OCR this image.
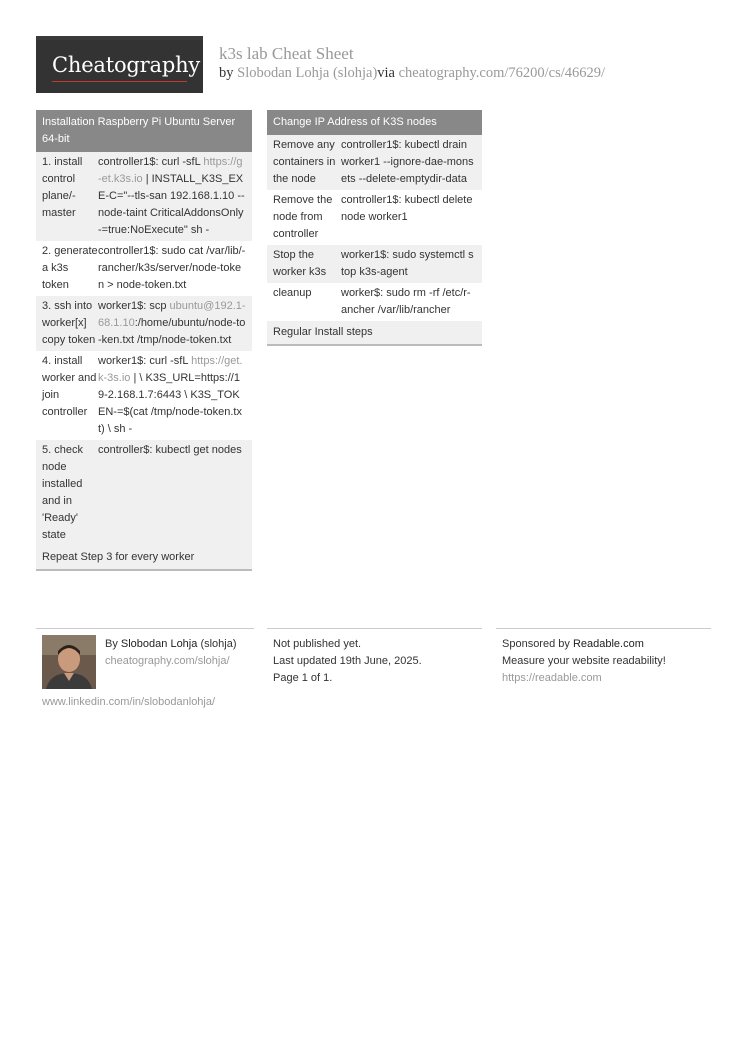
Cheatography k3s lab Cheat Sheet
by Slobodan Lohja (slohja)via cheatography.com/76200/cs/46629/
Installation Raspberry Pi Ubuntu Server 64-bit
1. install control plane/-master
controller1$: curl -sfL https://g-et.k3s.io | INSTALL_K3S_EXE-C="--tls-san 192.168.1.10 --node-taint CriticalAddonsOnly-=true:NoExecute" sh -
2. generate a k3s token
controller1$: sudo cat /var/lib/-rancher/k3s/server/node-token > node-token.txt
3. ssh into worker[x] copy token
worker1$: scp ubuntu@192.1-68.1.10:/home/ubuntu/node-to-ken.txt /tmp/node-token.txt
4. install worker and join controller
worker1$: curl -sfL https://get.k-3s.io | \ K3S_URL=https://19-2.168.1.7:6443 \ K3S_TOKEN-=$(cat /tmp/node-token.txt) \ sh -
5. check node installed and in 'Ready' state
controller$: kubectl get nodes
Repeat Step 3 for every worker
Change IP Address of K3S nodes
Remove any containers in the node
controller1$: kubectl drain worker1 --ignore-dae-monsets --delete-emptydir-data
Remove the node from controller
controller1$: kubectl delete node worker1
Stop the worker k3s
worker1$: sudo systemctl stop k3s-agent
cleanup	worker$: sudo rm -rf /etc/r-ancher /var/lib/rancher
Regular Install steps
By Slobodan Lohja (slohja)
cheatography.com/slohja/
www.linkedin.com/in/slobodanlohja/
Not published yet.
Last updated 19th June, 2025.
Page 1 of 1.
Sponsored by Readable.com
Measure your website readability!
https://readable.com
